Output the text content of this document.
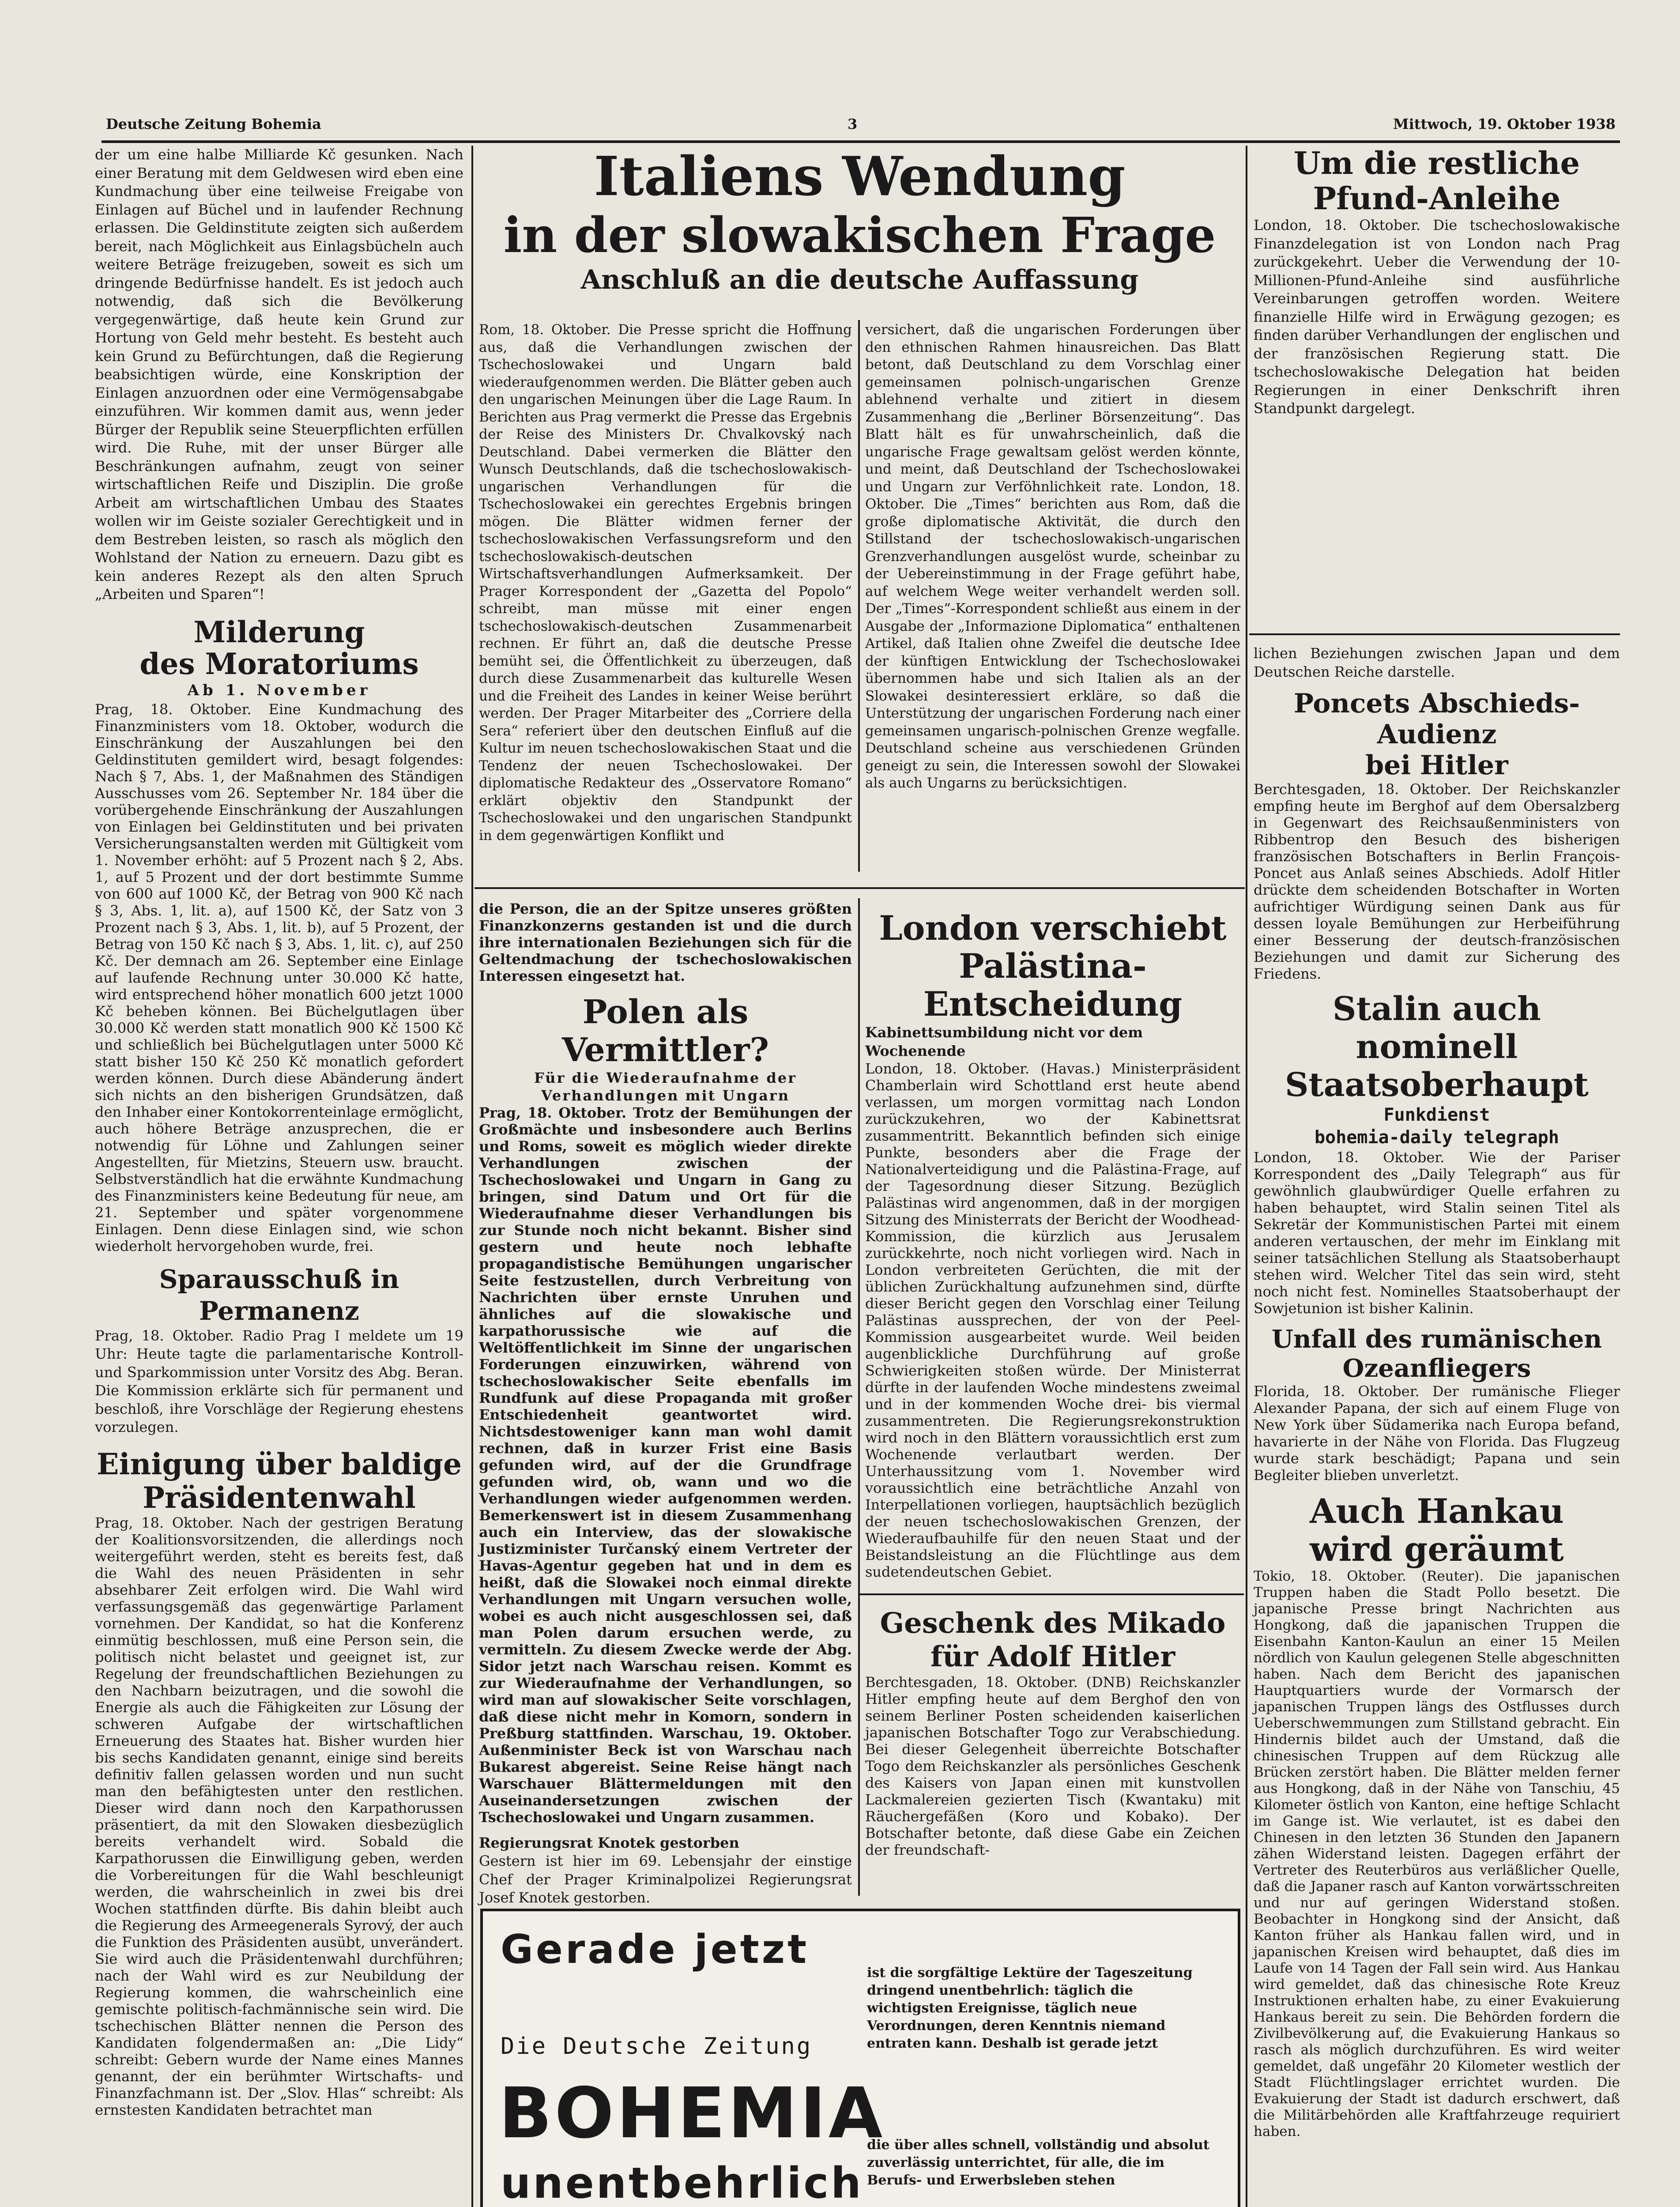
Deutsche Zeitung Bohemia	3	Mittwoch, 19. Oktober 1938

der um eine halbe Milliarde Kč gesunken. Nach einer Beratung mit dem Geldwesen wird eben eine Kundmachung über eine teilweise Freigabe von Einlagen auf Büchel und in laufender Rechnung erlassen. Die Geldinstitute zeigten sich außerdem bereit, nach Möglichkeit aus Einlagsbücheln auch weitere Beträge freizugeben, soweit es sich um dringende Bedürfnisse handelt. Es ist jedoch auch notwendig, daß sich die Bevölkerung vergegenwärtige, daß heute kein Grund zur Hortung von Geld mehr besteht. Es besteht auch kein Grund zu Befürchtungen, daß die Regierung beabsichtigen würde, eine Konskription der Einlagen anzuordnen oder eine Vermögensabgabe einzuführen. Wir kommen damit aus, wenn jeder Bürger der Republik seine Steuerpflichten erfüllen wird. Die Ruhe, mit der unser Bürger alle Beschränkungen aufnahm, zeugt von seiner wirtschaftlichen Reife und Disziplin. Die große Arbeit am wirtschaftlichen Umbau des Staates wollen wir im Geiste sozialer Gerechtigkeit und in dem Bestreben leisten, so rasch als möglich den Wohlstand der Nation zu erneuern. Dazu gibt es kein anderes Rezept als den alten Spruch „Arbeiten und Sparen“!

Milderung

des Moratoriums

Ab 1. November

Prag, 18. Oktober. Eine Kundmachung des Finanzministers vom 18. Oktober, wodurch die Einschränkung der Auszahlungen bei den Geldinstituten gemildert wird, besagt folgendes: Nach § 7, Abs. 1, der Maßnahmen des Ständigen Ausschusses vom 26. September Nr. 184 über die vorübergehende Einschränkung der Auszahlungen von Einlagen bei Geldinstituten und bei privaten Versicherungsanstalten werden mit Gültigkeit vom 1. November erhöht: auf 5 Prozent nach § 2, Abs. 1, auf 5 Prozent und der dort bestimmte Summe von 600 auf 1000 Kč, der Betrag von 900 Kč nach § 3, Abs. 1, lit. a), auf 1500 Kč, der Satz von 3 Prozent nach § 3, Abs. 1, lit. b), auf 5 Prozent, der Betrag von 150 Kč nach § 3, Abs. 1, lit. c), auf 250 Kč. Der demnach am 26. September eine Einlage auf laufende Rechnung unter 30.000 Kč hatte, wird entsprechend höher monatlich 600 jetzt 1000 Kč beheben können. Bei Büchelgutlagen über 30.000 Kč werden statt monatlich 900 Kč 1500 Kč und schließlich bei Büchelgutlagen unter 5000 Kč statt bisher 150 Kč 250 Kč monatlich gefordert werden können. Durch diese Abänderung ändert sich nichts an den bisherigen Grundsätzen, daß den Inhaber einer Kontokorrenteinlage ermöglicht, auch höhere Beträge anzusprechen, die er notwendig für Löhne und Zahlungen seiner Angestellten, für Mietzins, Steuern usw. braucht. Selbstverständlich hat die erwähnte Kundmachung des Finanzministers keine Bedeutung für neue, am 21. September und später vorgenommene Einlagen. Denn diese Einlagen sind, wie schon wiederholt hervorgehoben wurde, frei.

Sparausschuß in Permanenz

Prag, 18. Oktober. Radio Prag I meldete um 19 Uhr: Heute tagte die parlamentarische Kontroll- und Sparkommission unter Vorsitz des Abg. Beran. Die Kommission erklärte sich für permanent und beschloß, ihre Vorschläge der Regierung ehestens vorzulegen.

Einigung über baldige

Präsidentenwahl

Prag, 18. Oktober. Nach der gestrigen Beratung der Koalitionsvorsitzenden, die allerdings noch weitergeführt werden, steht es bereits fest, daß die Wahl des neuen Präsidenten in sehr absehbarer Zeit erfolgen wird. Die Wahl wird verfassungsgemäß das gegenwärtige Parlament vornehmen. Der Kandidat, so hat die Konferenz einmütig beschlossen, muß eine Person sein, die politisch nicht belastet und geeignet ist, zur Regelung der freundschaftlichen Beziehungen zu den Nachbarn beizutragen, und die sowohl die Energie als auch die Fähigkeiten zur Lösung der schweren Aufgabe der wirtschaftlichen Erneuerung des Staates hat. Bisher wurden hier bis sechs Kandidaten genannt, einige sind bereits definitiv fallen gelassen worden und nun sucht man den befähigtesten unter den restlichen. Dieser wird dann noch den Karpathorussen präsentiert, da mit den Slowaken diesbezüglich bereits verhandelt wird. Sobald die Karpathorussen die Einwilligung geben, werden die Vorbereitungen für die Wahl beschleunigt werden, die wahrscheinlich in zwei bis drei Wochen stattfinden dürfte. Bis dahin bleibt auch die Regierung des Armeegenerals Syrový, der auch die Funktion des Präsidenten ausübt, unverändert. Sie wird auch die Präsidentenwahl durchführen; nach der Wahl wird es zur Neubildung der Regierung kommen, die wahrscheinlich eine gemischte politisch-fachmännische sein wird. Die tschechischen Blätter nennen die Person des Kandidaten folgendermaßen an: „Die Lidy“ schreibt: Gebern wurde der Name eines Mannes genannt, der ein berühmter Wirtschafts- und Finanzfachmann ist. Der „Slov. Hlas“ schreibt: Als ernstesten Kandidaten betrachtet man

Italiens Wendung

in der slowakischen Frage

Anschluß an die deutsche Auffassung

Rom, 18. Oktober. Die Presse spricht die Hoffnung aus, daß die Verhandlungen zwischen der Tschechoslowakei und Ungarn bald wiederaufgenommen werden. Die Blätter geben auch den ungarischen Meinungen über die Lage Raum. In Berichten aus Prag vermerkt die Presse das Ergebnis der Reise des Ministers Dr. Chvalkovský nach Deutschland. Dabei vermerken die Blätter den Wunsch Deutschlands, daß die tschechoslowakisch-ungarischen Verhandlungen für die Tschechoslowakei ein gerechtes Ergebnis bringen mögen. Die Blätter widmen ferner der tschechoslowakischen Verfassungsreform und den tschechoslowakisch-deutschen Wirtschaftsverhandlungen Aufmerksamkeit. Der Prager Korrespondent der „Gazetta del Popolo“ schreibt, man müsse mit einer engen tschechoslowakisch-deutschen Zusammenarbeit rechnen. Er führt an, daß die deutsche Presse bemüht sei, die Öffentlichkeit zu überzeugen, daß durch diese Zusammenarbeit das kulturelle Wesen und die Freiheit des Landes in keiner Weise berührt werden. Der Prager Mitarbeiter des „Corriere della Sera“ referiert über den deutschen Einfluß auf die Kultur im neuen tschechoslowakischen Staat und die Tendenz der neuen Tschechoslowakei. Der diplomatische Redakteur des „Osservatore Romano“ erklärt objektiv den Standpunkt der Tschechoslowakei und den ungarischen Standpunkt in dem gegenwärtigen Konflikt und

versichert, daß die ungarischen Forderungen über den ethnischen Rahmen hinausreichen. Das Blatt betont, daß Deutschland zu dem Vorschlag einer gemeinsamen polnisch-ungarischen Grenze ablehnend verhalte und zitiert in diesem Zusammenhang die „Berliner Börsenzeitung“. Das Blatt hält es für unwahrscheinlich, daß die ungarische Frage gewaltsam gelöst werden könnte, und meint, daß Deutschland der Tschechoslowakei und Ungarn zur Verföhnlichkeit rate. London, 18. Oktober. Die „Times“ berichten aus Rom, daß die große diplomatische Aktivität, die durch den Stillstand der tschechoslowakisch-ungarischen Grenzverhandlungen ausgelöst wurde, scheinbar zu der Uebereinstimmung in der Frage geführt habe, auf welchem Wege weiter verhandelt werden soll. Der „Times“-Korrespondent schließt aus einem in der Ausgabe der „Informazione Diplomatica“ enthaltenen Artikel, daß Italien ohne Zweifel die deutsche Idee der künftigen Entwicklung der Tschechoslowakei übernommen habe und sich Italien als an der Slowakei desinteressiert erkläre, so daß die Unterstützung der ungarischen Forderung nach einer gemeinsamen ungarisch-polnischen Grenze wegfalle. Deutschland scheine aus verschiedenen Gründen geneigt zu sein, die Interessen sowohl der Slowakei als auch Ungarns zu berücksichtigen.

die Person, die an der Spitze unseres größten Finanzkonzerns gestanden ist und die durch ihre internationalen Beziehungen sich für die Geltendmachung der tschechoslowakischen Interessen eingesetzt hat.

Polen als Vermittler?

Für die Wiederaufnahme der Verhandlungen mit Ungarn

Prag, 18. Oktober. Trotz der Bemühungen der Großmächte und insbesondere auch Berlins und Roms, soweit es möglich wieder direkte Verhandlungen zwischen der Tschechoslowakei und Ungarn in Gang zu bringen, sind Datum und Ort für die Wiederaufnahme dieser Verhandlungen bis zur Stunde noch nicht bekannt. Bisher sind gestern und heute noch lebhafte propagandistische Bemühungen ungarischer Seite festzustellen, durch Verbreitung von Nachrichten über ernste Unruhen und ähnliches auf die slowakische und karpathorussische wie auf die Weltöffentlichkeit im Sinne der ungarischen Forderungen einzuwirken, während von tschechoslowakischer Seite ebenfalls im Rundfunk auf diese Propaganda mit großer Entschiedenheit geantwortet wird. Nichtsdestoweniger kann man wohl damit rechnen, daß in kurzer Frist eine Basis gefunden wird, auf der die Grundfrage gefunden wird, ob, wann und wo die Verhandlungen wieder aufgenommen werden. Bemerkenswert ist in diesem Zusammenhang auch ein Interview, das der slowakische Justizminister Turčanský einem Vertreter der Havas-Agentur gegeben hat und in dem es heißt, daß die Slowakei noch einmal direkte Verhandlungen mit Ungarn versuchen wolle, wobei es auch nicht ausgeschlossen sei, daß man Polen darum ersuchen werde, zu vermitteln. Zu diesem Zwecke werde der Abg. Sidor jetzt nach Warschau reisen. Kommt es zur Wiederaufnahme der Verhandlungen, so wird man auf slowakischer Seite vorschlagen, daß diese nicht mehr in Komorn, sondern in Preßburg stattfinden. Warschau, 19. Oktober. Außenminister Beck ist von Warschau nach Bukarest abgereist. Seine Reise hängt nach Warschauer Blättermeldungen mit den Auseinandersetzungen zwischen der Tschechoslowakei und Ungarn zusammen.

Regierungsrat Knotek gestorben

Gestern ist hier im 69. Lebensjahr der einstige Chef der Prager Kriminalpolizei Regierungsrat Josef Knotek gestorben.

London verschiebt

Palästina-Entscheidung

Kabinettsumbildung nicht vor dem Wochenende

London, 18. Oktober. (Havas.) Ministerpräsident Chamberlain wird Schottland erst heute abend verlassen, um morgen vormittag nach London zurückzukehren, wo der Kabinettsrat zusammentritt. Bekanntlich befinden sich einige Punkte, besonders aber die Frage der Nationalverteidigung und die Palästina-Frage, auf der Tagesordnung dieser Sitzung. Bezüglich Palästinas wird angenommen, daß in der morgigen Sitzung des Ministerrats der Bericht der Woodhead-Kommission, die kürzlich aus Jerusalem zurückkehrte, noch nicht vorliegen wird. Nach in London verbreiteten Gerüchten, die mit der üblichen Zurückhaltung aufzunehmen sind, dürfte dieser Bericht gegen den Vorschlag einer Teilung Palästinas aussprechen, der von der Peel-Kommission ausgearbeitet wurde. Weil beiden augenblickliche Durchführung auf große Schwierigkeiten stoßen würde. Der Ministerrat dürfte in der laufenden Woche mindestens zweimal und in der kommenden Woche drei- bis viermal zusammentreten. Die Regierungsrekonstruktion wird noch in den Blättern voraussichtlich erst zum Wochenende verlautbart werden. Der Unterhaussitzung vom 1. November wird voraussichtlich eine beträchtliche Anzahl von Interpellationen vorliegen, hauptsächlich bezüglich der neuen tschechoslowakischen Grenzen, der Wiederaufbauhilfe für den neuen Staat und der Beistandsleistung an die Flüchtlinge aus dem sudetendeutschen Gebiet.

Geschenk des Mikado

für Adolf Hitler

Berchtesgaden, 18. Oktober. (DNB) Reichskanzler Hitler empfing heute auf dem Berghof den von seinem Berliner Posten scheidenden kaiserlichen japanischen Botschafter Togo zur Verabschiedung. Bei dieser Gelegenheit überreichte Botschafter Togo dem Reichskanzler als persönliches Geschenk des Kaisers von Japan einen mit kunstvollen Lackmalereien gezierten Tisch (Kwantaku) mit Räuchergefäßen (Koro und Kobako). Der Botschafter betonte, daß diese Gabe ein Zeichen der freundschaft-

Gerade jetzt
ist die sorgfältige Lektüre der Tageszeitung dringend unentbehrlich: täglich die wichtigsten Ereignisse, täglich neue Verordnungen, deren Kenntnis niemand entraten kann. Deshalb ist gerade jetzt
Die Deutsche Zeitung
BOHEMIA
die über alles schnell, vollständig und absolut zuverlässig unterrichtet, für alle, die im Berufs- und Erwerbsleben stehen
unentbehrlich

Um die restliche

Pfund-Anleihe

London, 18. Oktober. Die tschechoslowakische Finanzdelegation ist von London nach Prag zurückgekehrt. Ueber die Verwendung der 10-Millionen-Pfund-Anleihe sind ausführliche Vereinbarungen getroffen worden. Weitere finanzielle Hilfe wird in Erwägung gezogen; es finden darüber Verhandlungen der englischen und der französischen Regierung statt. Die tschechoslowakische Delegation hat beiden Regierungen in einer Denkschrift ihren Standpunkt dargelegt.

lichen Beziehungen zwischen Japan und dem Deutschen Reiche darstelle.

Poncets Abschieds-Audienz

bei Hitler

Berchtesgaden, 18. Oktober. Der Reichskanzler empfing heute im Berghof auf dem Obersalzberg in Gegenwart des Reichsaußenministers von Ribbentrop den Besuch des bisherigen französischen Botschafters in Berlin François-Poncet aus Anlaß seines Abschieds. Adolf Hitler drückte dem scheidenden Botschafter in Worten aufrichtiger Würdigung seinen Dank aus für dessen loyale Bemühungen zur Herbeiführung einer Besserung der deutsch-französischen Beziehungen und damit zur Sicherung des Friedens.

Stalin auch nominell

Staatsoberhaupt

Funkdienst

bohemia-daily telegraph

London, 18. Oktober. Wie der Pariser Korrespondent des „Daily Telegraph“ aus für gewöhnlich glaubwürdiger Quelle erfahren zu haben behauptet, wird Stalin seinen Titel als Sekretär der Kommunistischen Partei mit einem anderen vertauschen, der mehr im Einklang mit seiner tatsächlichen Stellung als Staatsoberhaupt stehen wird. Welcher Titel das sein wird, steht noch nicht fest. Nominelles Staatsoberhaupt der Sowjetunion ist bisher Kalinin.

Unfall des rumänischen

Ozeanfliegers

Florida, 18. Oktober. Der rumänische Flieger Alexander Papana, der sich auf einem Fluge von New York über Südamerika nach Europa befand, havarierte in der Nähe von Florida. Das Flugzeug wurde stark beschädigt; Papana und sein Begleiter blieben unverletzt.

Auch Hankau

wird geräumt

Tokio, 18. Oktober. (Reuter). Die japanischen Truppen haben die Stadt Pollo besetzt. Die japanische Presse bringt Nachrichten aus Hongkong, daß die japanischen Truppen die Eisenbahn Kanton-Kaulun an einer 15 Meilen nördlich von Kaulun gelegenen Stelle abgeschnitten haben. Nach dem Bericht des japanischen Hauptquartiers wurde der Vormarsch der japanischen Truppen längs des Ostflusses durch Ueberschwemmungen zum Stillstand gebracht. Ein Hindernis bildet auch der Umstand, daß die chinesischen Truppen auf dem Rückzug alle Brücken zerstört haben. Die Blätter melden ferner aus Hongkong, daß in der Nähe von Tanschiu, 45 Kilometer östlich von Kanton, eine heftige Schlacht im Gange ist. Wie verlautet, ist es dabei den Chinesen in den letzten 36 Stunden den Japanern zähen Widerstand leisten. Dagegen erfährt der Vertreter des Reuterbüros aus verläßlicher Quelle, daß die Japaner rasch auf Kanton vorwärtsschreiten und nur auf geringen Widerstand stoßen. Beobachter in Hongkong sind der Ansicht, daß Kanton früher als Hankau fallen wird, und in japanischen Kreisen wird behauptet, daß dies im Laufe von 14 Tagen der Fall sein wird. Aus Hankau wird gemeldet, daß das chinesische Rote Kreuz Instruktionen erhalten habe, zu einer Evakuierung Hankaus bereit zu sein. Die Behörden fordern die Zivilbevölkerung auf, die Evakuierung Hankaus so rasch als möglich durchzuführen. Es wird weiter gemeldet, daß ungefähr 20 Kilometer westlich der Stadt Flüchtlingslager errichtet wurden. Die Evakuierung der Stadt ist dadurch erschwert, daß die Militärbehörden alle Kraftfahrzeuge requiriert haben.
